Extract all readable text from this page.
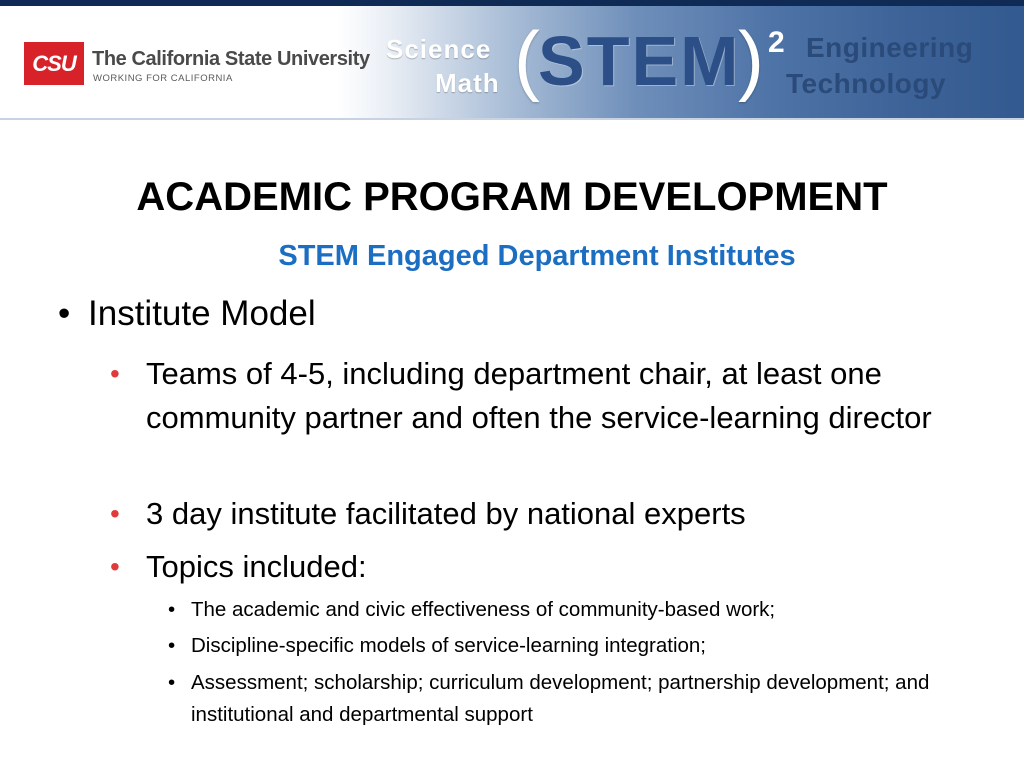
CSU The California State University
WORKING FOR CALIFORNIA
Science
Math (
STEM
) 2 Engineering
Technology
ACADEMIC PROGRAM DEVELOPMENT
STEM Engaged Department Institutes
• Institute Model
• Teams of 4-5, including department chair, at least one community partner and often the service-learning director
• 3 day institute facilitated by national experts
• Topics included:
• The academic and civic effectiveness of community-based work;
• Discipline-specific models of service-learning integration;
• Assessment; scholarship; curriculum development; partnership development; and institutional and departmental support
